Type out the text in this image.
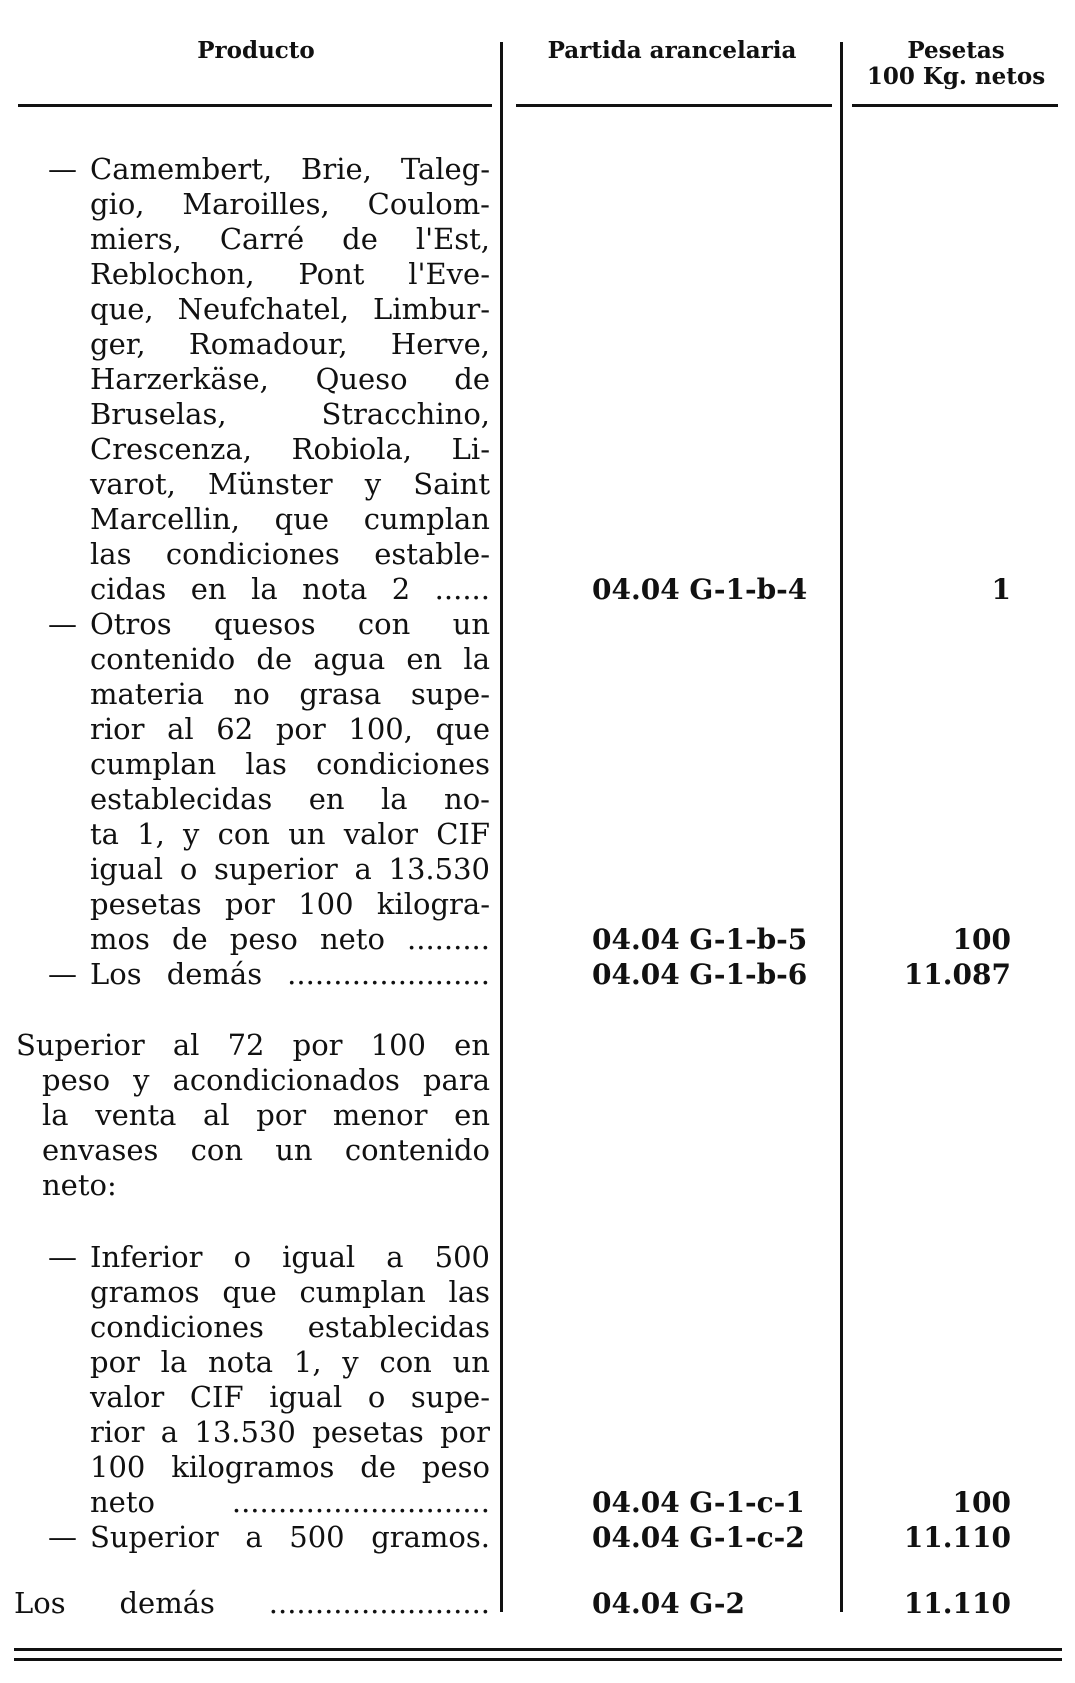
Producto	Partida arancelaria	Pesetas
100 Kg. netos
— Camembert, Brie, Taleg-
gio, Maroilles, Coulom-
miers, Carré de l'Est,
Reblochon, Pont l'Eve-
que, Neufchatel, Limbur-
ger, Romadour, Herve,
Harzerkäse, Queso de
Bruselas, Stracchino,
Crescenza, Robiola, Li-
varot, Münster y Saint
Marcellin, que cumplan
las condiciones estable-
cidas en la nota 2 ......	04.04 G-1-b-4	1
— Otros quesos con un
contenido de agua en la
materia no grasa supe-
rior al 62 por 100, que
cumplan las condiciones
establecidas en la no-
ta 1, y con un valor CIF
igual o superior a 13.530
pesetas por 100 kilogra-
mos de peso neto .........	04.04 G-1-b-5	100
— Los demás ......................	04.04 G-1-b-6	11.087
Superior al 72 por 100 en
peso y acondicionados para
la venta al por menor en
envases con un contenido
neto:
— Inferior o igual a 500
gramos que cumplan las
condiciones establecidas
por la nota 1, y con un
valor CIF igual o supe-
rior a 13.530 pesetas por
100 kilogramos de peso
neto ............................	04.04 G-1-c-1	100
— Superior a 500 gramos.	04.04 G-1-c-2	11.110
Los demás ........................	04.04 G-2	11.110
